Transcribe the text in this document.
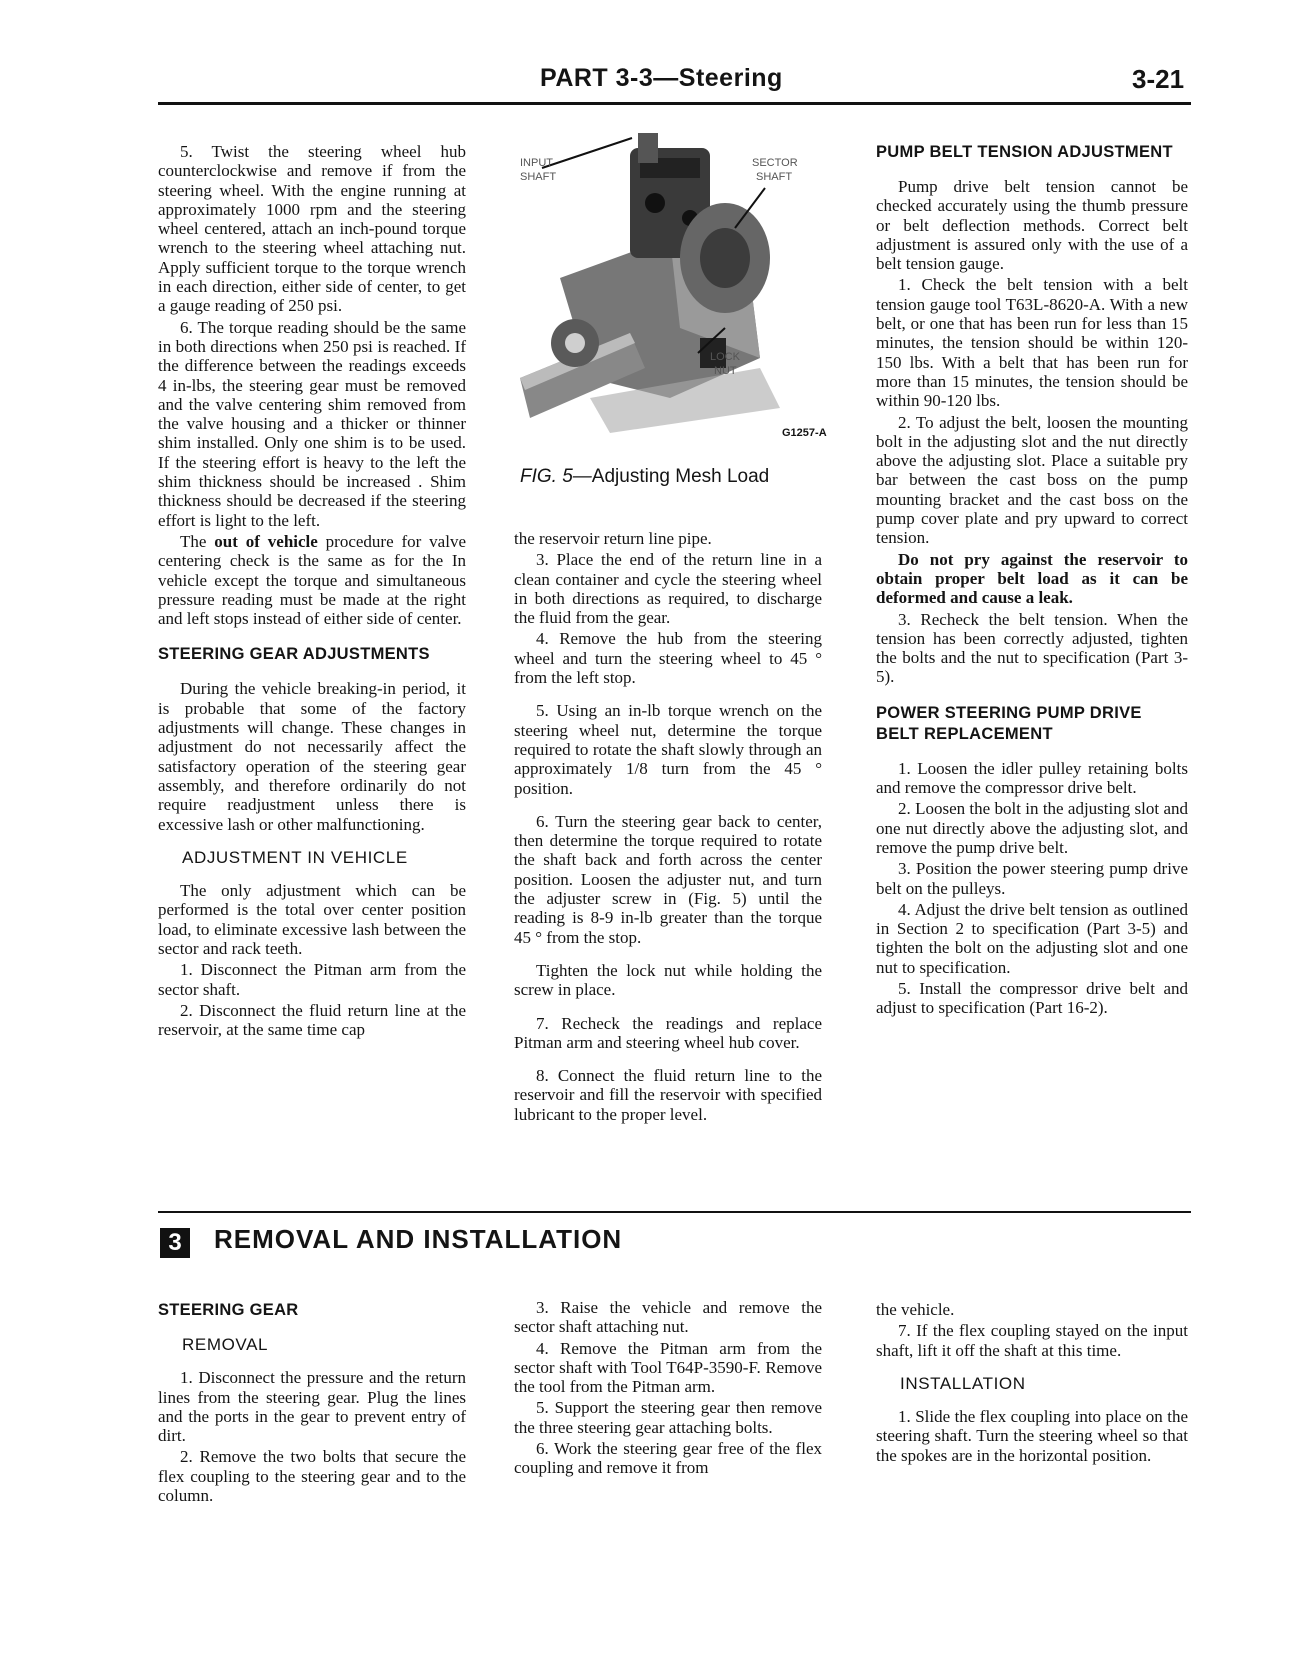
PART 3-3—Steering	3-21

5. Twist the steering wheel hub counterclockwise and remove if from the steering wheel. With the engine running at approximately 1000 rpm and the steering wheel centered, attach an inch-pound torque wrench to the steering wheel attaching nut. Apply sufficient torque to the torque wrench in each direction, either side of center, to get a gauge reading of 250 psi.

6. The torque reading should be the same in both directions when 250 psi is reached. If the difference between the readings exceeds 4 in-lbs, the steering gear must be removed and the valve centering shim removed from the valve housing and a thicker or thinner shim installed. Only one shim is to be used. If the steering effort is heavy to the left the shim thickness should be increased . Shim thickness should be decreased if the steering effort is light to the left.

The out of vehicle procedure for valve centering check is the same as for the In vehicle except the torque and simultaneous pressure reading must be made at the right and left stops instead of either side of center.

STEERING GEAR ADJUSTMENTS

During the vehicle breaking-in period, it is probable that some of the factory adjustments will change. These changes in adjustment do not necessarily affect the satisfactory operation of the steering gear assembly, and therefore ordinarily do not require readjustment unless there is excessive lash or other malfunctioning.

ADJUSTMENT IN VEHICLE

The only adjustment which can be performed is the total over center position load, to eliminate excessive lash between the sector and rack teeth.

1. Disconnect the Pitman arm from the sector shaft.

2. Disconnect the fluid return line at the reservoir, at the same time cap

INPUT
SHAFT
SECTOR
SHAFT
LOCK
NUT
G1257-A
FIG. 5—Adjusting Mesh Load

the reservoir return line pipe.

3. Place the end of the return line in a clean container and cycle the steering wheel in both directions as required, to discharge the fluid from the gear.

4. Remove the hub from the steering wheel and turn the steering wheel to 45 ° from the left stop.

5. Using an in-lb torque wrench on the steering wheel nut, determine the torque required to rotate the shaft slowly through an approximately 1/8 turn from the 45 ° position.

6. Turn the steering gear back to center, then determine the torque required to rotate the shaft back and forth across the center position. Loosen the adjuster nut, and turn the adjuster screw in (Fig. 5) until the reading is 8-9 in-lb greater than the torque 45 ° from the stop.

Tighten the lock nut while holding the screw in place.

7. Recheck the readings and replace Pitman arm and steering wheel hub cover.

8. Connect the fluid return line to the reservoir and fill the reservoir with specified lubricant to the proper level.

PUMP BELT TENSION ADJUSTMENT

Pump drive belt tension cannot be checked accurately using the thumb pressure or belt deflection methods. Correct belt adjustment is assured only with the use of a belt tension gauge.

1. Check the belt tension with a belt tension gauge tool T63L-8620-A. With a new belt, or one that has been run for less than 15 minutes, the tension should be within 120-150 lbs. With a belt that has been run for more than 15 minutes, the tension should be within 90-120 lbs.

2. To adjust the belt, loosen the mounting bolt in the adjusting slot and the nut directly above the adjusting slot. Place a suitable pry bar between the cast boss on the pump mounting bracket and the cast boss on the pump cover plate and pry upward to correct tension.

Do not pry against the reservoir to obtain proper belt load as it can be deformed and cause a leak.

3. Recheck the belt tension. When the tension has been correctly adjusted, tighten the bolts and the nut to specification (Part 3-5).

POWER STEERING PUMP DRIVE BELT REPLACEMENT

1. Loosen the idler pulley retaining bolts and remove the compressor drive belt.

2. Loosen the bolt in the adjusting slot and one nut directly above the adjusting slot, and remove the pump drive belt.

3. Position the power steering pump drive belt on the pulleys.

4. Adjust the drive belt tension as outlined in Section 2 to specification (Part 3-5) and tighten the bolt on the adjusting slot and one nut to specification.

5. Install the compressor drive belt and adjust to specification (Part 16-2).

3	REMOVAL AND INSTALLATION
STEERING GEAR
REMOVAL

1. Disconnect the pressure and the return lines from the steering gear. Plug the lines and the ports in the gear to prevent entry of dirt.

2. Remove the two bolts that secure the flex coupling to the steering gear and to the column.

3. Raise the vehicle and remove the sector shaft attaching nut.

4. Remove the Pitman arm from the sector shaft with Tool T64P-3590-F. Remove the tool from the Pitman arm.

5. Support the steering gear then remove the three steering gear attaching bolts.

6. Work the steering gear free of the flex coupling and remove it from

the vehicle.

7. If the flex coupling stayed on the input shaft, lift it off the shaft at this time.

INSTALLATION

1. Slide the flex coupling into place on the steering shaft. Turn the steering wheel so that the spokes are in the horizontal position.
